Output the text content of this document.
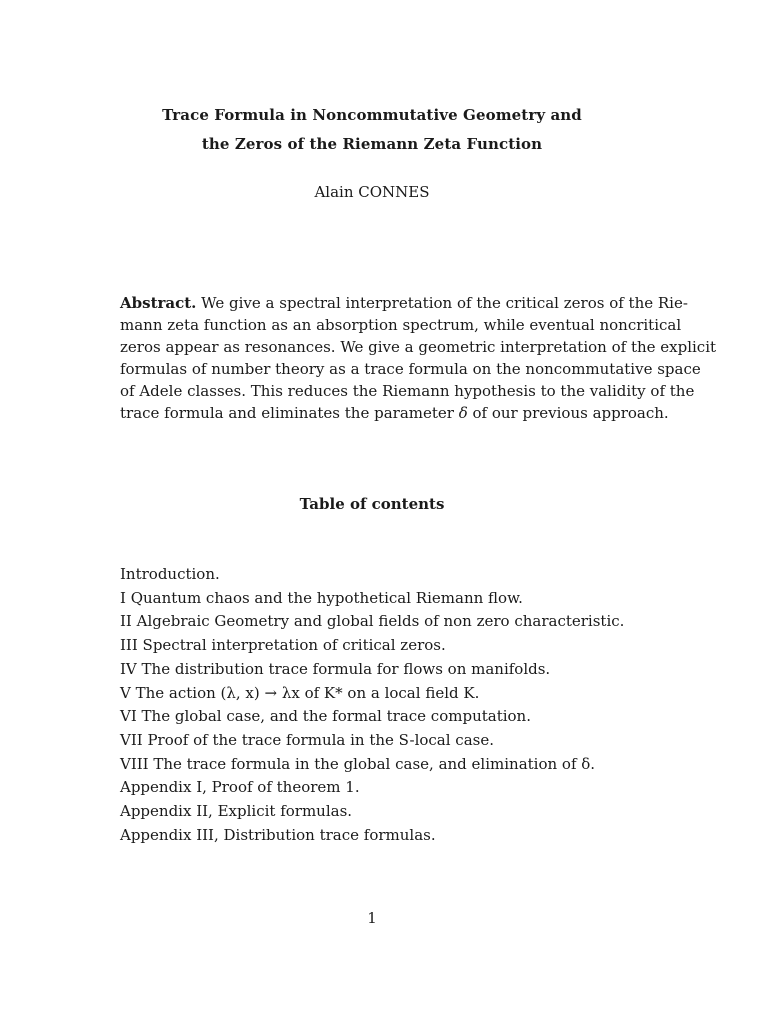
Trace Formula in Noncommutative Geometry and
the Zeros of the Riemann Zeta Function
Alain CONNES
Abstract. We give a spectral interpretation of the critical zeros of the Rie-
mann zeta function as an absorption spectrum, while eventual noncritical
zeros appear as resonances. We give a geometric interpretation of the explicit
formulas of number theory as a trace formula on the noncommutative space
of Adele classes. This reduces the Riemann hypothesis to the validity of the
trace formula and eliminates the parameter δ of our previous approach.
Table of contents
Introduction.
I Quantum chaos and the hypothetical Riemann flow.
II Algebraic Geometry and global fields of non zero characteristic.
III Spectral interpretation of critical zeros.
IV The distribution trace formula for flows on manifolds.
V The action (λ, x) → λx of K* on a local field K.
VI The global case, and the formal trace computation.
VII Proof of the trace formula in the S-local case.
VIII The trace formula in the global case, and elimination of δ.
Appendix I, Proof of theorem 1.
Appendix II, Explicit formulas.
Appendix III, Distribution trace formulas.
1
